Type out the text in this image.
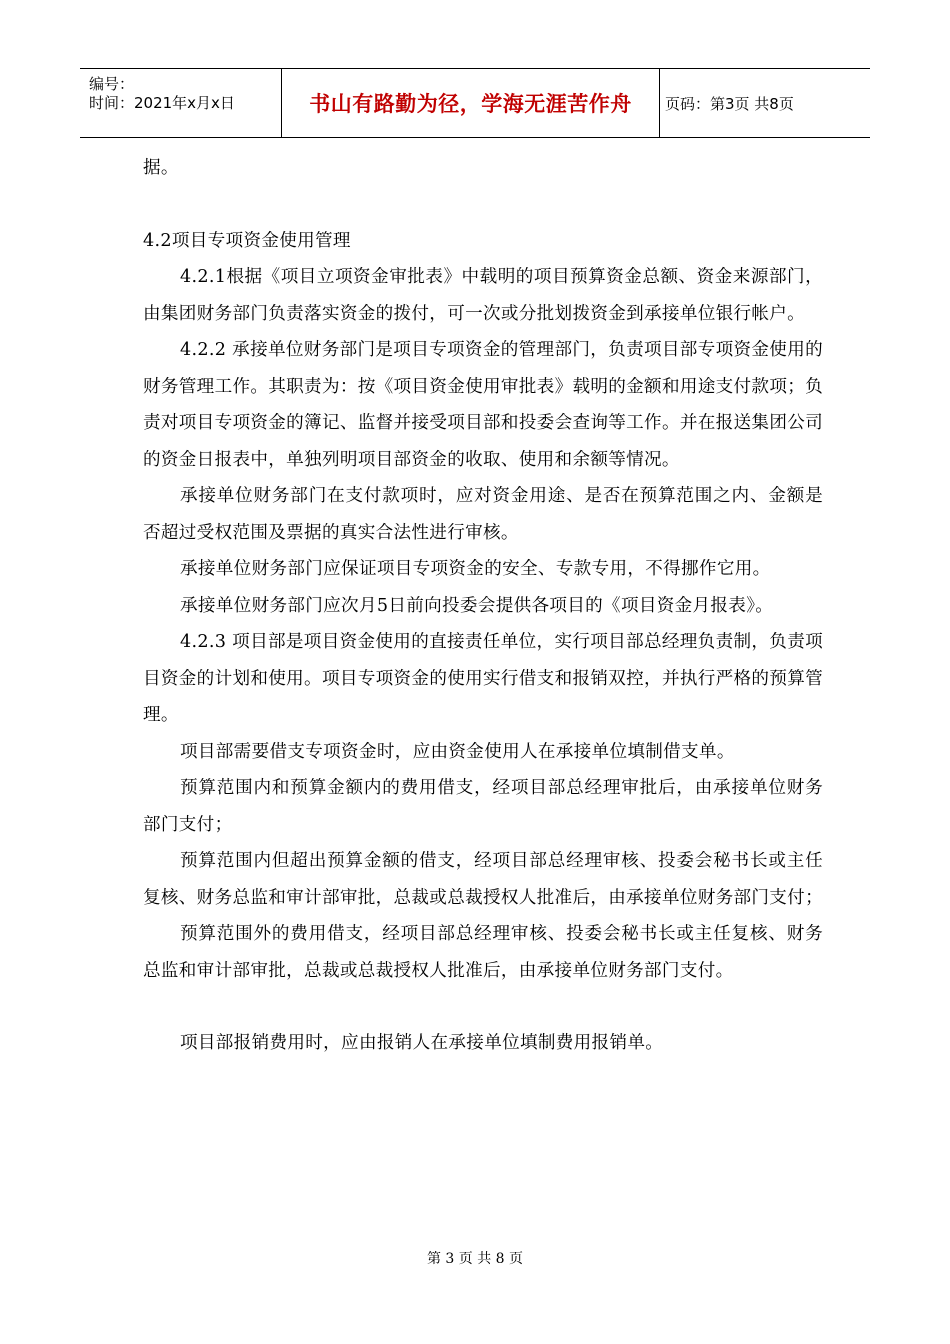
编号：
时间：2021年x月x日	书山有路勤为径，学海无涯苦作舟	页码：第3页 共8页

据。

4.2项目专项资金使用管理

4.2.1根据《项目立项资金审批表》中载明的项目预算资金总额、资金来源部门，由集团财务部门负责落实资金的拨付，可一次或分批划拨资金到承接单位银行帐户。

4.2.2 承接单位财务部门是项目专项资金的管理部门，负责项目部专项资金使用的财务管理工作。其职责为：按《项目资金使用审批表》载明的金额和用途支付款项；负责对项目专项资金的簿记、监督并接受项目部和投委会查询等工作。并在报送集团公司的资金日报表中，单独列明项目部资金的收取、使用和余额等情况。

承接单位财务部门在支付款项时，应对资金用途、是否在预算范围之内、金额是否超过受权范围及票据的真实合法性进行审核。

承接单位财务部门应保证项目专项资金的安全、专款专用，不得挪作它用。

承接单位财务部门应次月5日前向投委会提供各项目的《项目资金月报表》。

4.2.3 项目部是项目资金使用的直接责任单位，实行项目部总经理负责制，负责项目资金的计划和使用。项目专项资金的使用实行借支和报销双控，并执行严格的预算管理。

项目部需要借支专项资金时，应由资金使用人在承接单位填制借支单。

预算范围内和预算金额内的费用借支，经项目部总经理审批后，由承接单位财务部门支付；

预算范围内但超出预算金额的借支，经项目部总经理审核、投委会秘书长或主任复核、财务总监和审计部审批，总裁或总裁授权人批准后，由承接单位财务部门支付；

预算范围外的费用借支，经项目部总经理审核、投委会秘书长或主任复核、财务总监和审计部审批，总裁或总裁授权人批准后，由承接单位财务部门支付。

项目部报销费用时，应由报销人在承接单位填制费用报销单。

第 3 页 共 8 页
